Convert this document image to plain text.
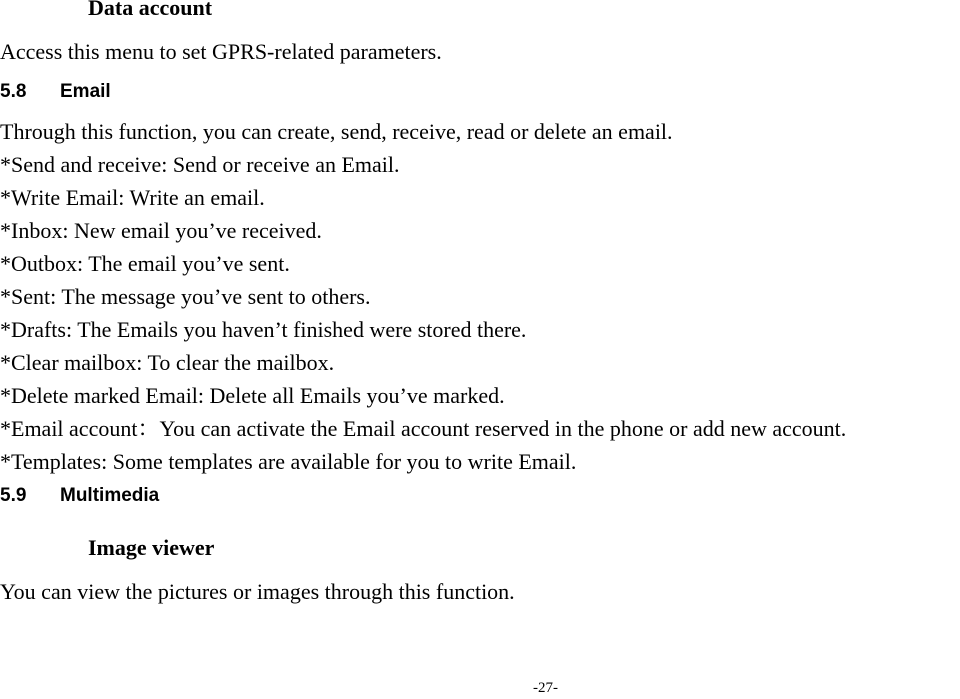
Data account
Access this menu to set GPRS-related parameters.
5.8 Email
Through this function, you can create, send, receive, read or delete an email.
*Send and receive: Send or receive an Email.
*Write Email: Write an email.
*Inbox: New email you’ve received.
*Outbox: The email you’ve sent.
*Sent: The message you’ve sent to others.
*Drafts: The Emails you haven’t finished were stored there.
*Clear mailbox: To clear the mailbox.
*Delete marked Email: Delete all Emails you’ve marked.
*Email account：You can activate the Email account reserved in the phone or add new account.
*Templates: Some templates are available for you to write Email.
5.9 Multimedia
Image viewer
You can view the pictures or images through this function.
-27-
